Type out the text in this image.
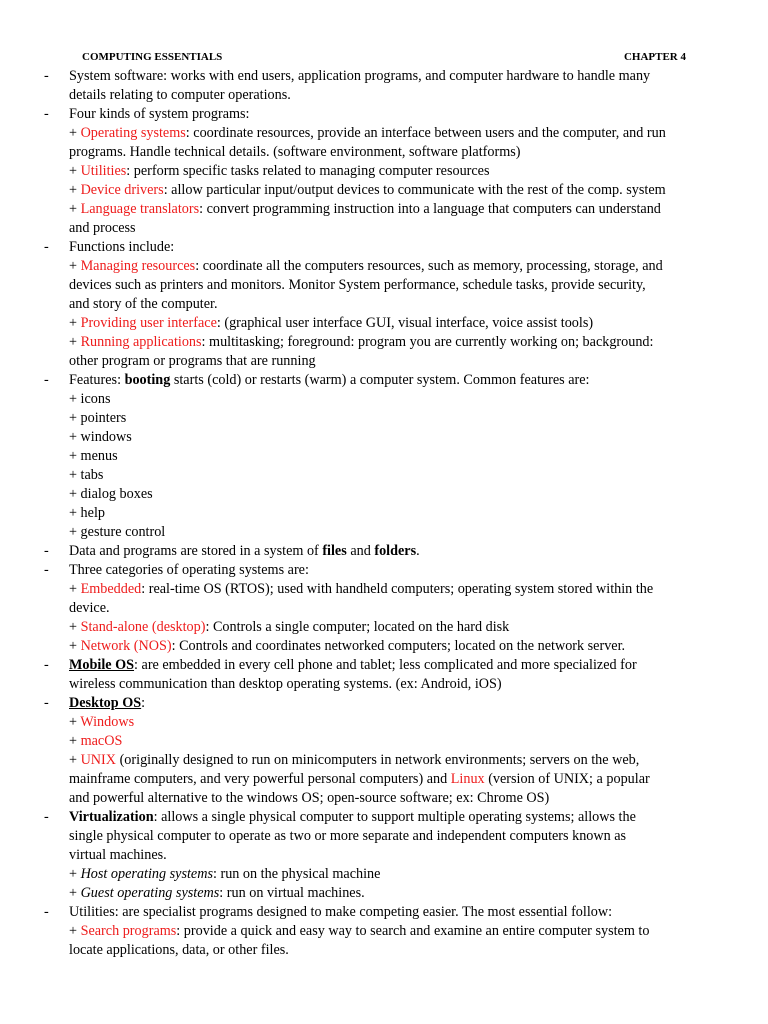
COMPUTING ESSENTIALS	CHAPTER 4
-	System software: works with end users, application programs, and computer hardware to handle many
details relating to computer operations.
-	Four kinds of system programs:
+ Operating systems: coordinate resources, provide an interface between users and the computer, and run
programs. Handle technical details. (software environment, software platforms)
+ Utilities: perform specific tasks related to managing computer resources
+ Device drivers: allow particular input/output devices to communicate with the rest of the comp. system
+ Language translators: convert programming instruction into a language that computers can understand
and process
-	Functions include:
+ Managing resources: coordinate all the computers resources, such as memory, processing, storage, and
devices such as printers and monitors. Monitor System performance, schedule tasks, provide security,
and story of the computer.
+ Providing user interface: (graphical user interface GUI, visual interface, voice assist tools)
+ Running applications: multitasking; foreground: program you are currently working on; background:
other program or programs that are running
-	Features: booting starts (cold) or restarts (warm) a computer system. Common features are:
+ icons
+ pointers
+ windows
+ menus
+ tabs
+ dialog boxes
+ help
+ gesture control
-	Data and programs are stored in a system of files and folders.
-	Three categories of operating systems are:
+ Embedded: real-time OS (RTOS); used with handheld computers; operating system stored within the
device.
+ Stand-alone (desktop): Controls a single computer; located on the hard disk
+ Network (NOS): Controls and coordinates networked computers; located on the network server.
-	Mobile OS: are embedded in every cell phone and tablet; less complicated and more specialized for
wireless communication than desktop operating systems. (ex: Android, iOS)
-	Desktop OS:
+ Windows
+ macOS
+ UNIX (originally designed to run on minicomputers in network environments; servers on the web,
mainframe computers, and very powerful personal computers) and Linux (version of UNIX; a popular
and powerful alternative to the windows OS; open-source software; ex: Chrome OS)
-	Virtualization: allows a single physical computer to support multiple operating systems; allows the
single physical computer to operate as two or more separate and independent computers known as
virtual machines.
+ Host operating systems: run on the physical machine
+ Guest operating systems: run on virtual machines.
-	Utilities: are specialist programs designed to make competing easier. The most essential follow:
+ Search programs: provide a quick and easy way to search and examine an entire computer system to
locate applications, data, or other files.
